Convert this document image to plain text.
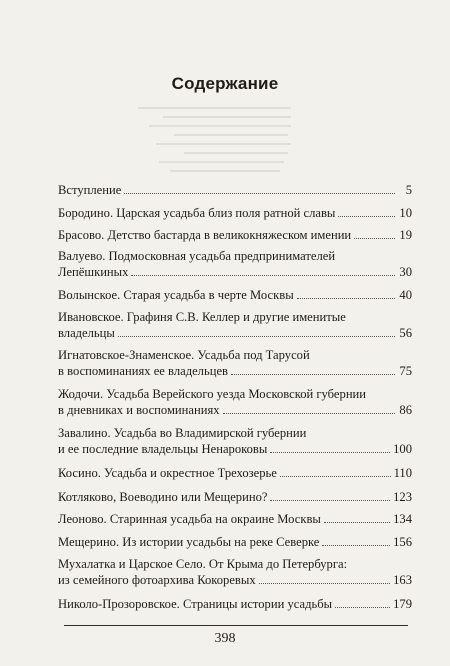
Содержание
Вступление	5
Бородино. Царская усадьба близ поля ратной славы	10
Брасово. Детство бастарда в великокняжеском имении	19
Валуево. Подмосковная усадьба предпринимателей
Лепёшкиных	30
Волынское. Старая усадьба в черте Москвы	40
Ивановское. Графиня С.В. Келлер и другие именитые
владельцы	56
Игнатовское-Знаменское. Усадьба под Тарусой
в воспоминаниях ее владельцев	75
Жодочи. Усадьба Верейского уезда Московской губернии
в дневниках и воспоминаниях	86
Завалино. Усадьба во Владимирской губернии
и ее последние владельцы Ненароковы	100
Косино. Усадьба и окрестное Трехозерье	110
Котляково, Воеводино или Мещерино?	123
Леоново. Старинная усадьба на окраине Москвы	134
Мещерино. Из истории усадьбы на реке Северке	156
Мухалатка и Царское Село. От Крыма до Петербурга:
из семейного фотоархива Кокоревых	163
Николо-Прозоровское. Страницы истории усадьбы	179
398
